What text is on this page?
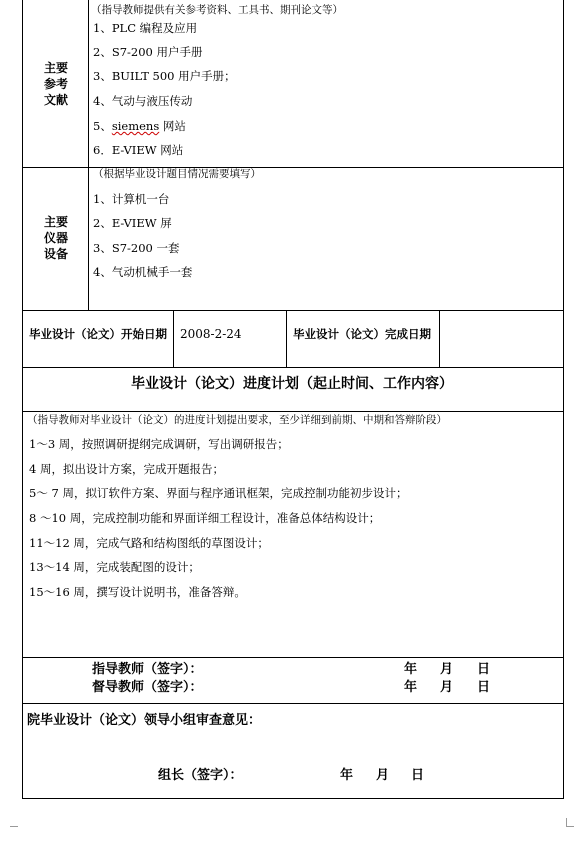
主要
参考
文献
（指导教师提供有关参考资料、工具书、期刊论文等）
1、PLC 编程及应用
2、S7-200 用户手册
3、BUILT 500 用户手册；
4、气动与液压传动
5、siemens 网站
6．E-VIEW 网站
主要
仪器
设备
（根据毕业设计题目情况需要填写）
1、计算机一台
2、E-VIEW 屏
3、S7-200 一套
4、气动机械手一套
毕业设计（论文）开始日期 2008-2-24	毕业设计（论文）完成日期
毕业设计（论文）进度计划（起止时间、工作内容）
（指导教师对毕业设计（论文）的进度计划提出要求，至少详细到前期、中期和答辩阶段）
1～3 周，按照调研提纲完成调研，写出调研报告；
4 周，拟出设计方案，完成开题报告；
5～ 7 周，拟订软件方案、界面与程序通讯框架，完成控制功能初步设计；
8 ～10 周，完成控制功能和界面详细工程设计，准备总体结构设计；
11～12 周，完成气路和结构图纸的草图设计；
13～14 周，完成装配图的设计；
15～16 周，撰写设计说明书，准备答辩。
指导教师（签字）：	年 月 日
督导教师（签字）：	年 月 日
院毕业设计（论文）领导小组审查意见：
组长（签字）：	年 月 日
